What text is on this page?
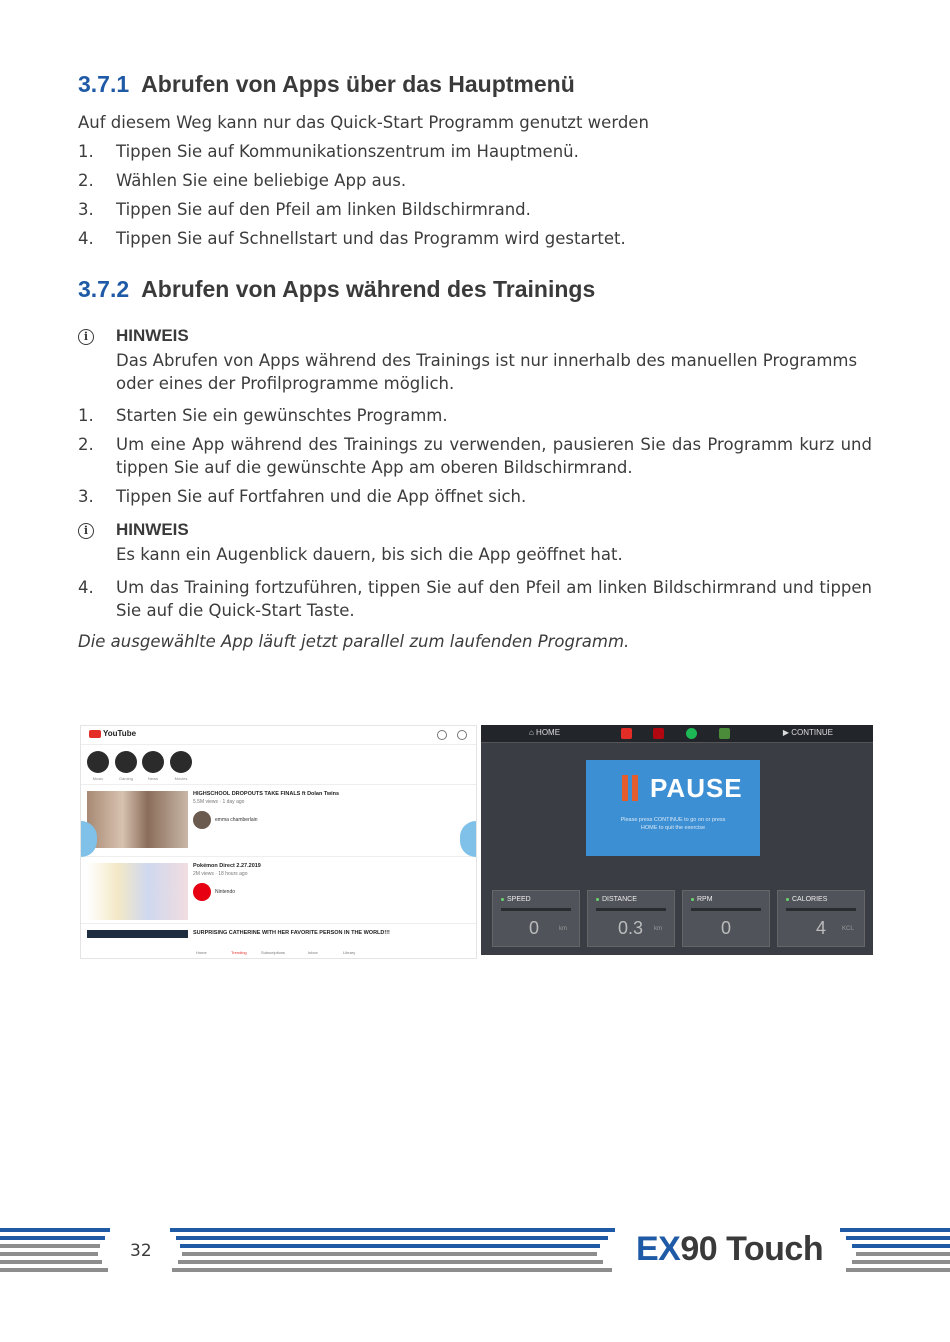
3.7.1 Abrufen von Apps über das Hauptmenü

Auf diesem Weg kann nur das Quick-Start Programm genutzt werden

1. Tippen Sie auf Kommunikationszentrum im Hauptmenü.
2. Wählen Sie eine beliebige App aus.
3. Tippen Sie auf den Pfeil am linken Bildschirmrand.
4. Tippen Sie auf Schnellstart und das Programm wird gestartet.
3.7.2 Abrufen von Apps während des Trainings
i	HINWEIS
Das Abrufen von Apps während des Trainings ist nur innerhalb des manuellen Programms oder eines der Profilprogramme möglich.
1. Starten Sie ein gewünschtes Programm.
2. Um eine App während des Trainings zu verwenden, pausieren Sie das Programm kurz und tippen Sie auf die gewünschte App am oberen Bildschirmrand.
3. Tippen Sie auf Fortfahren und die App öffnet sich.
i	HINWEIS
Es kann ein Augenblick dauern, bis sich die App geöffnet hat.
4. Um das Training fortzuführen, tippen Sie auf den Pfeil am linken Bildschirmrand und tippen Sie auf die Quick-Start Taste.

Die ausgewählte App läuft jetzt parallel zum laufenden Programm.

YouTube
Music	Gaming	News	Movies
HIGHSCHOOL DROPOUTS TAKE FINALS ft Dolan Twins
5.5M views · 1 day ago
emma chamberlain
Pokémon Direct 2.27.2019
2M views · 18 hours ago
Nintendo
SURPRISING CATHERINE WITH HER FAVORITE PERSON IN THE WORLD!!!
Home	Trending	Subscriptions	Inbox	Library
⌂ HOME	▶ CONTINUE
PAUSE
Please press CONTINUE to go on or press HOME to quit the exercise
SPEED
0	km
DISTANCE
0.3 km
RPM
0
CALORIES
4	KCL
32	EX90 Touch
